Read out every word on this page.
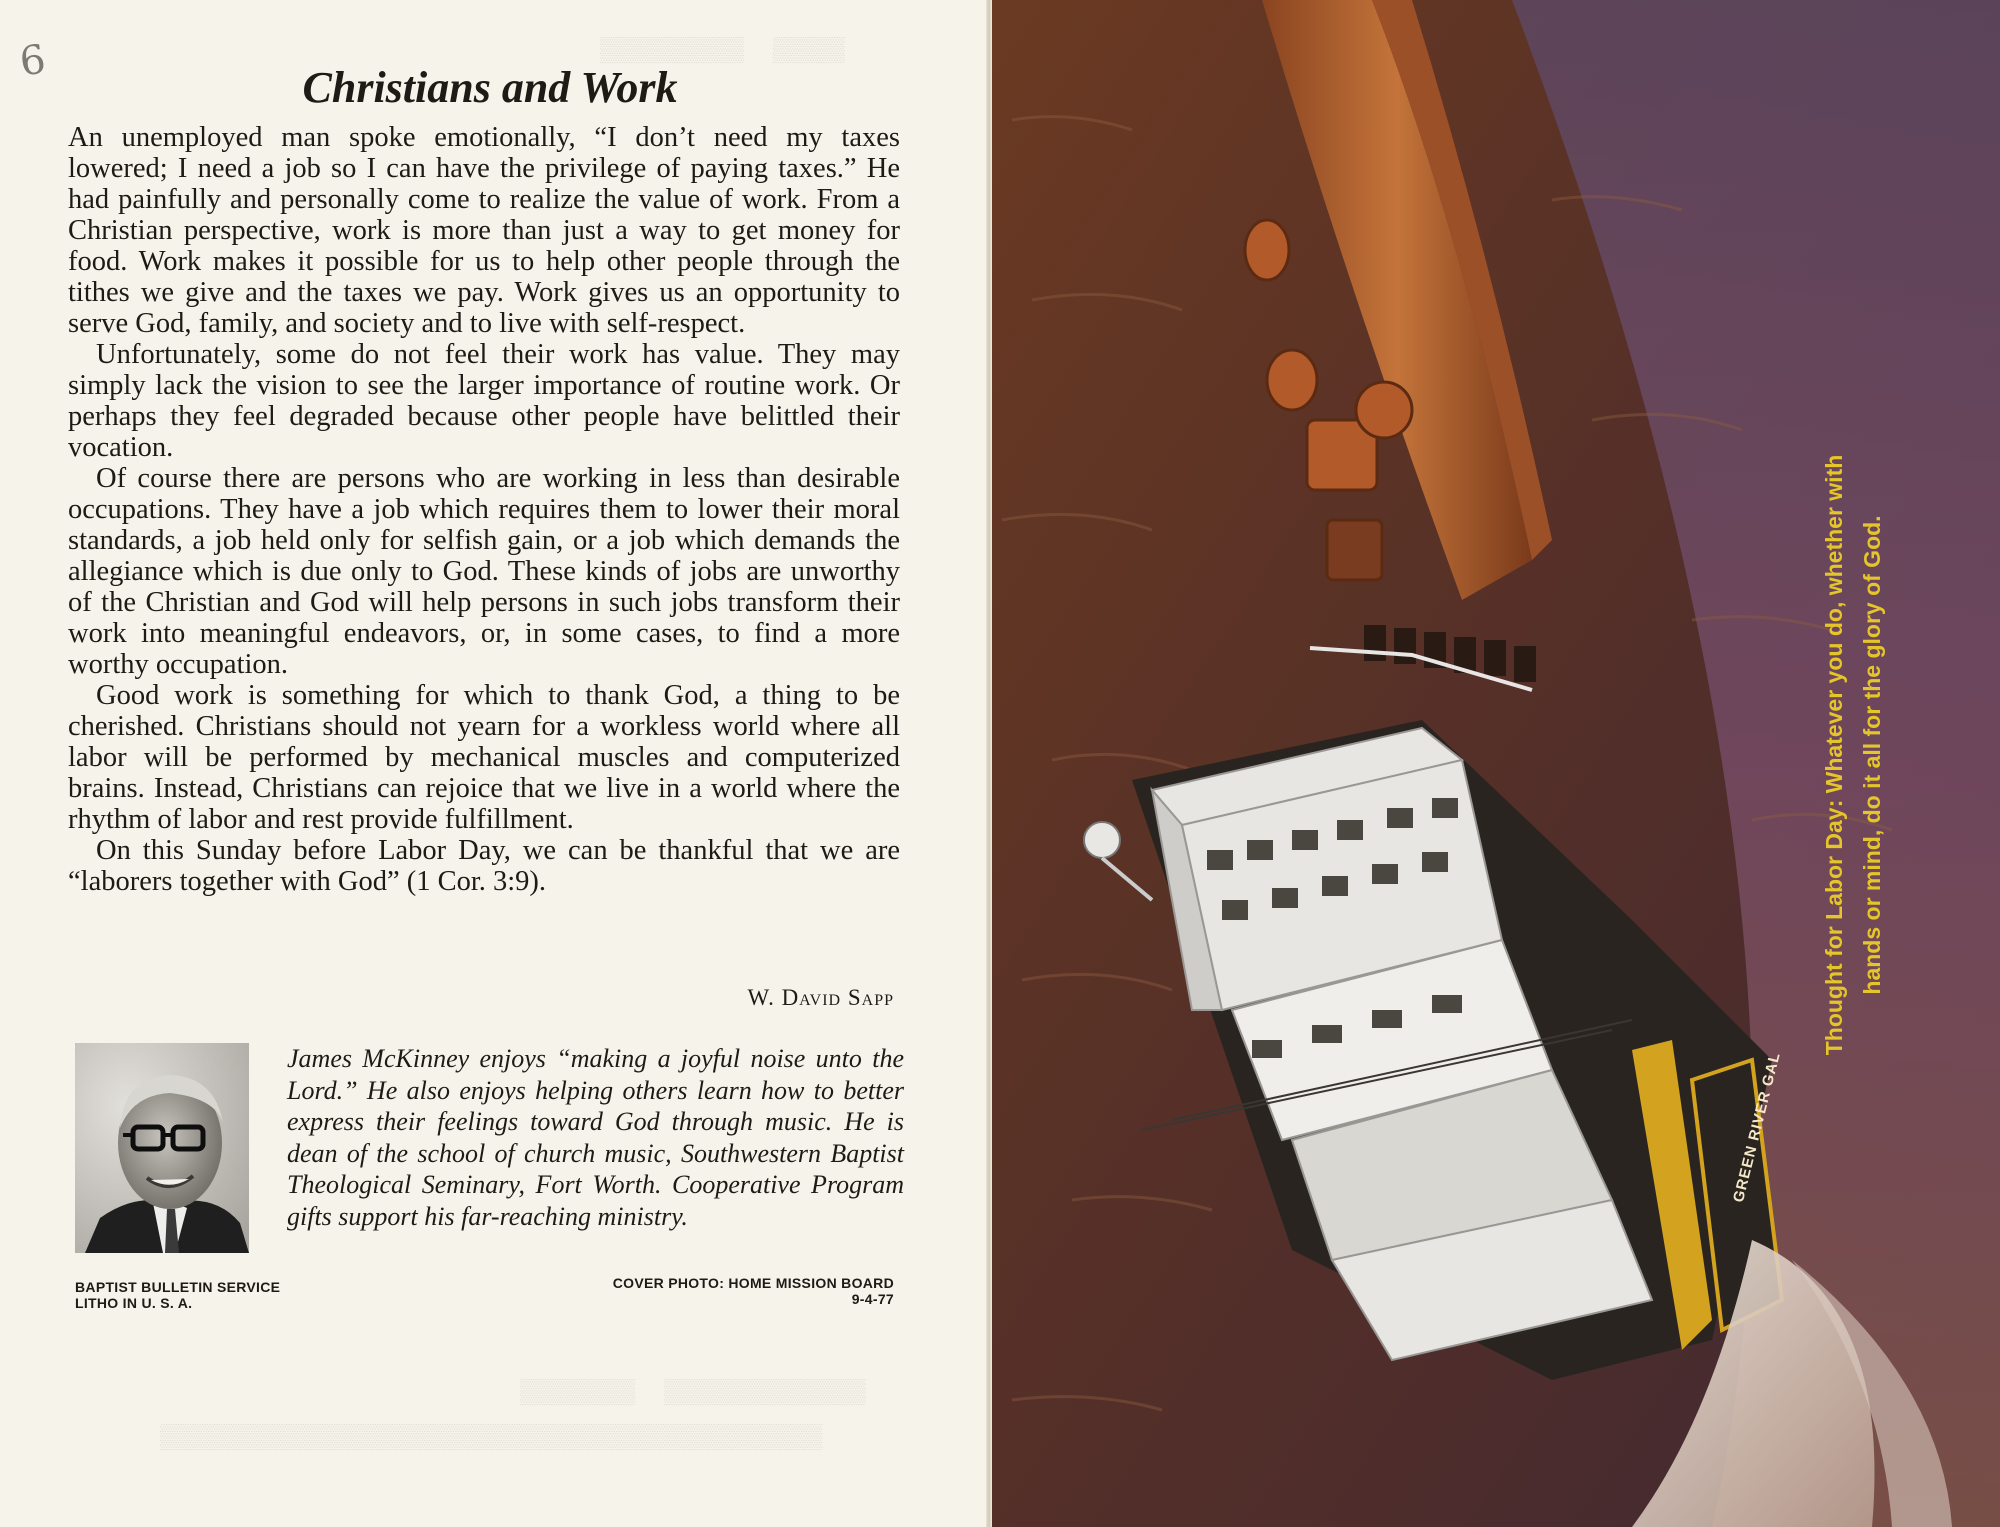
▒▒▒▒▒▒▒▒▒▒  ▒▒▒▒▒
▒▒▒▒▒▒▒▒  ▒▒▒▒▒▒▒▒▒▒▒▒▒▒
▒▒▒▒▒▒▒▒▒▒▒▒▒▒▒▒▒▒▒▒▒▒▒▒▒▒▒▒▒▒▒▒▒▒▒▒▒▒▒▒▒▒▒▒▒▒
6
Christians and Work

An unemployed man spoke emotionally, “I don’t need my taxes lowered; I need a job so I can have the privilege of paying taxes.” He had painfully and personally come to realize the value of work. From a Christian perspective, work is more than just a way to get money for food. Work makes it possible for us to help other people through the tithes we give and the taxes we pay. Work gives us an opportunity to serve God, family, and society and to live with self-respect.

Unfortunately, some do not feel their work has value. They may simply lack the vision to see the larger importance of routine work. Or perhaps they feel degraded because other people have belittled their vocation.

Of course there are persons who are working in less than desirable occupations. They have a job which requires them to lower their moral standards, a job held only for selfish gain, or a job which demands the allegiance which is due only to God. These kinds of jobs are unworthy of the Christian and God will help persons in such jobs transform their work into meaningful endeavors, or, in some cases, to find a more worthy occupation.

Good work is something for which to thank God, a thing to be cherished. Christians should not yearn for a workless world where all labor will be performed by mechanical muscles and computerized brains. Instead, Christians can rejoice that we live in a world where the rhythm of labor and rest provide fulfillment.

On this Sunday before Labor Day, we can be thankful that we are “laborers together with God” (1 Cor. 3:9).

W. David Sapp
James McKinney enjoys “making a joyful noise unto the Lord.” He also enjoys helping others learn how to better express their feelings toward God through music. He is dean of the school of church music, Southwestern Baptist Theological Seminary, Fort Worth. Cooperative Program gifts support his far-reaching ministry.
BAPTIST BULLETIN SERVICE
LITHO IN U. S. A.
COVER PHOTO: HOME MISSION BOARD
9-4-77
GREEN RIVER GAL
Thought for Labor Day: Whatever you do, whether with hands or mind, do it all for the glory of God.
